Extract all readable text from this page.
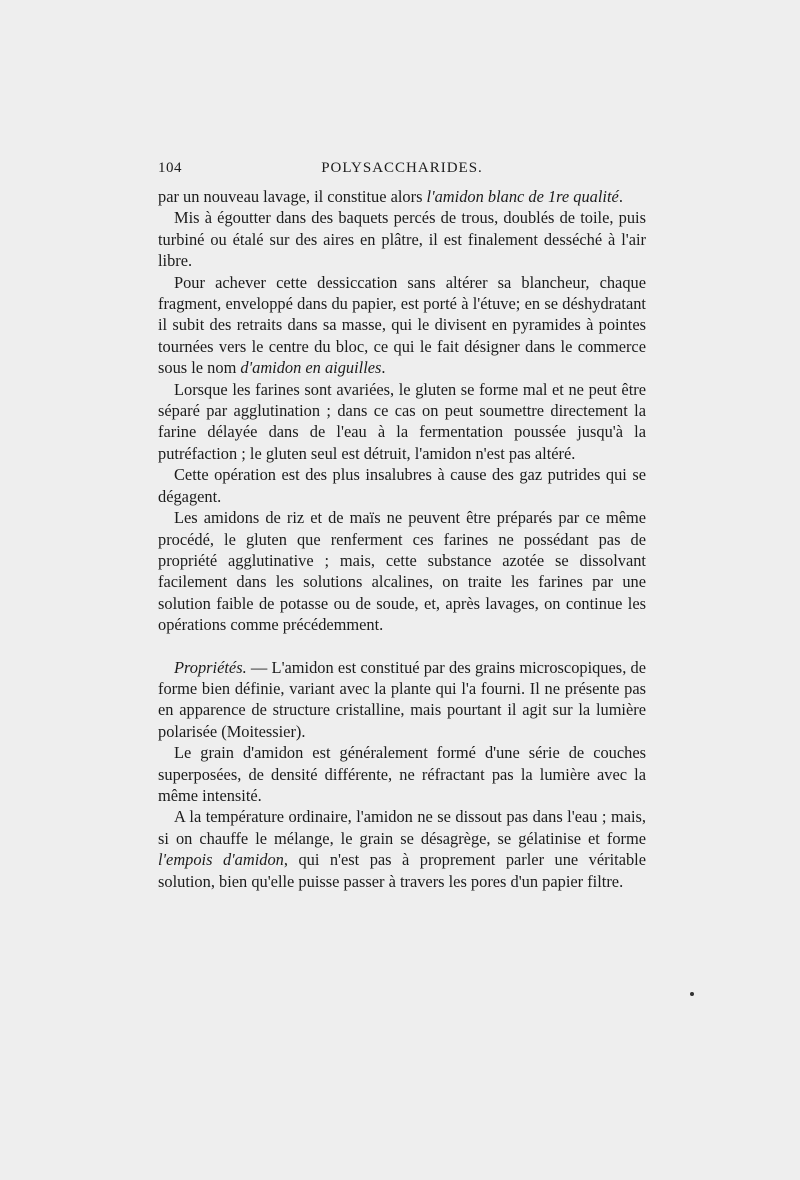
104	POLYSACCHARIDES.

par un nouveau lavage, il constitue alors l'amidon blanc de 1re qualité.

Mis à égoutter dans des baquets percés de trous, doublés de toile, puis turbiné ou étalé sur des aires en plâtre, il est finalement desséché à l'air libre.

Pour achever cette dessiccation sans altérer sa blancheur, chaque fragment, enveloppé dans du papier, est porté à l'étuve; en se déshydratant il subit des retraits dans sa masse, qui le divisent en pyramides à pointes tournées vers le centre du bloc, ce qui le fait désigner dans le commerce sous le nom d'amidon en aiguilles.

Lorsque les farines sont avariées, le gluten se forme mal et ne peut être séparé par agglutination ; dans ce cas on peut soumettre directement la farine délayée dans de l'eau à la fermentation poussée jusqu'à la putréfaction ; le gluten seul est détruit, l'amidon n'est pas altéré.

Cette opération est des plus insalubres à cause des gaz putrides qui se dégagent.

Les amidons de riz et de maïs ne peuvent être préparés par ce même procédé, le gluten que renferment ces farines ne possédant pas de propriété agglutinative ; mais, cette substance azotée se dissolvant facilement dans les solutions alcalines, on traite les farines par une solution faible de potasse ou de soude, et, après lavages, on continue les opérations comme précédemment.

Propriétés. — L'amidon est constitué par des grains microscopiques, de forme bien définie, variant avec la plante qui l'a fourni. Il ne présente pas en apparence de structure cristalline, mais pourtant il agit sur la lumière polarisée (Moitessier).

Le grain d'amidon est généralement formé d'une série de couches superposées, de densité différente, ne réfractant pas la lumière avec la même intensité.

A la température ordinaire, l'amidon ne se dissout pas dans l'eau ; mais, si on chauffe le mélange, le grain se désagrège, se gélatinise et forme l'empois d'amidon, qui n'est pas à proprement parler une véritable solution, bien qu'elle puisse passer à travers les pores d'un papier filtre.
